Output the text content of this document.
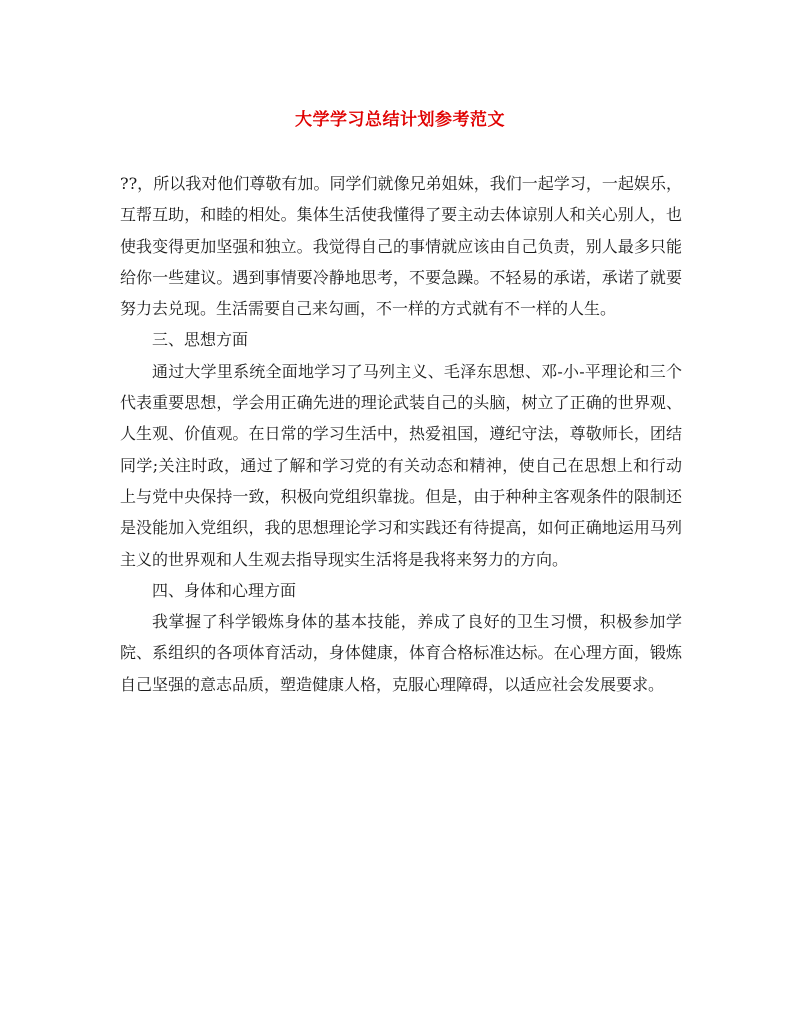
大学学习总结计划参考范文

??，所以我对他们尊敬有加。同学们就像兄弟姐妹，我们一起学习，一起娱乐，互帮互助，和睦的相处。集体生活使我懂得了要主动去体谅别人和关心别人，也使我变得更加坚强和独立。我觉得自己的事情就应该由自己负责，别人最多只能给你一些建议。遇到事情要冷静地思考，不要急躁。不轻易的承诺，承诺了就要努力去兑现。生活需要自己来勾画，不一样的方式就有不一样的人生。

三、思想方面

通过大学里系统全面地学习了马列主义、毛泽东思想、邓-小-平理论和三个代表重要思想，学会用正确先进的理论武装自己的头脑，树立了正确的世界观、人生观、价值观。在日常的学习生活中，热爱祖国，遵纪守法，尊敬师长，团结同学;关注时政，通过了解和学习党的有关动态和精神，使自己在思想上和行动上与党中央保持一致，积极向党组织靠拢。但是，由于种种主客观条件的限制还是没能加入党组织，我的思想理论学习和实践还有待提高，如何正确地运用马列主义的世界观和人生观去指导现实生活将是我将来努力的方向。

四、身体和心理方面

我掌握了科学锻炼身体的基本技能，养成了良好的卫生习惯，积极参加学院、系组织的各项体育活动，身体健康，体育合格标准达标。在心理方面，锻炼自己坚强的意志品质，塑造健康人格，克服心理障碍，以适应社会发展要求。
